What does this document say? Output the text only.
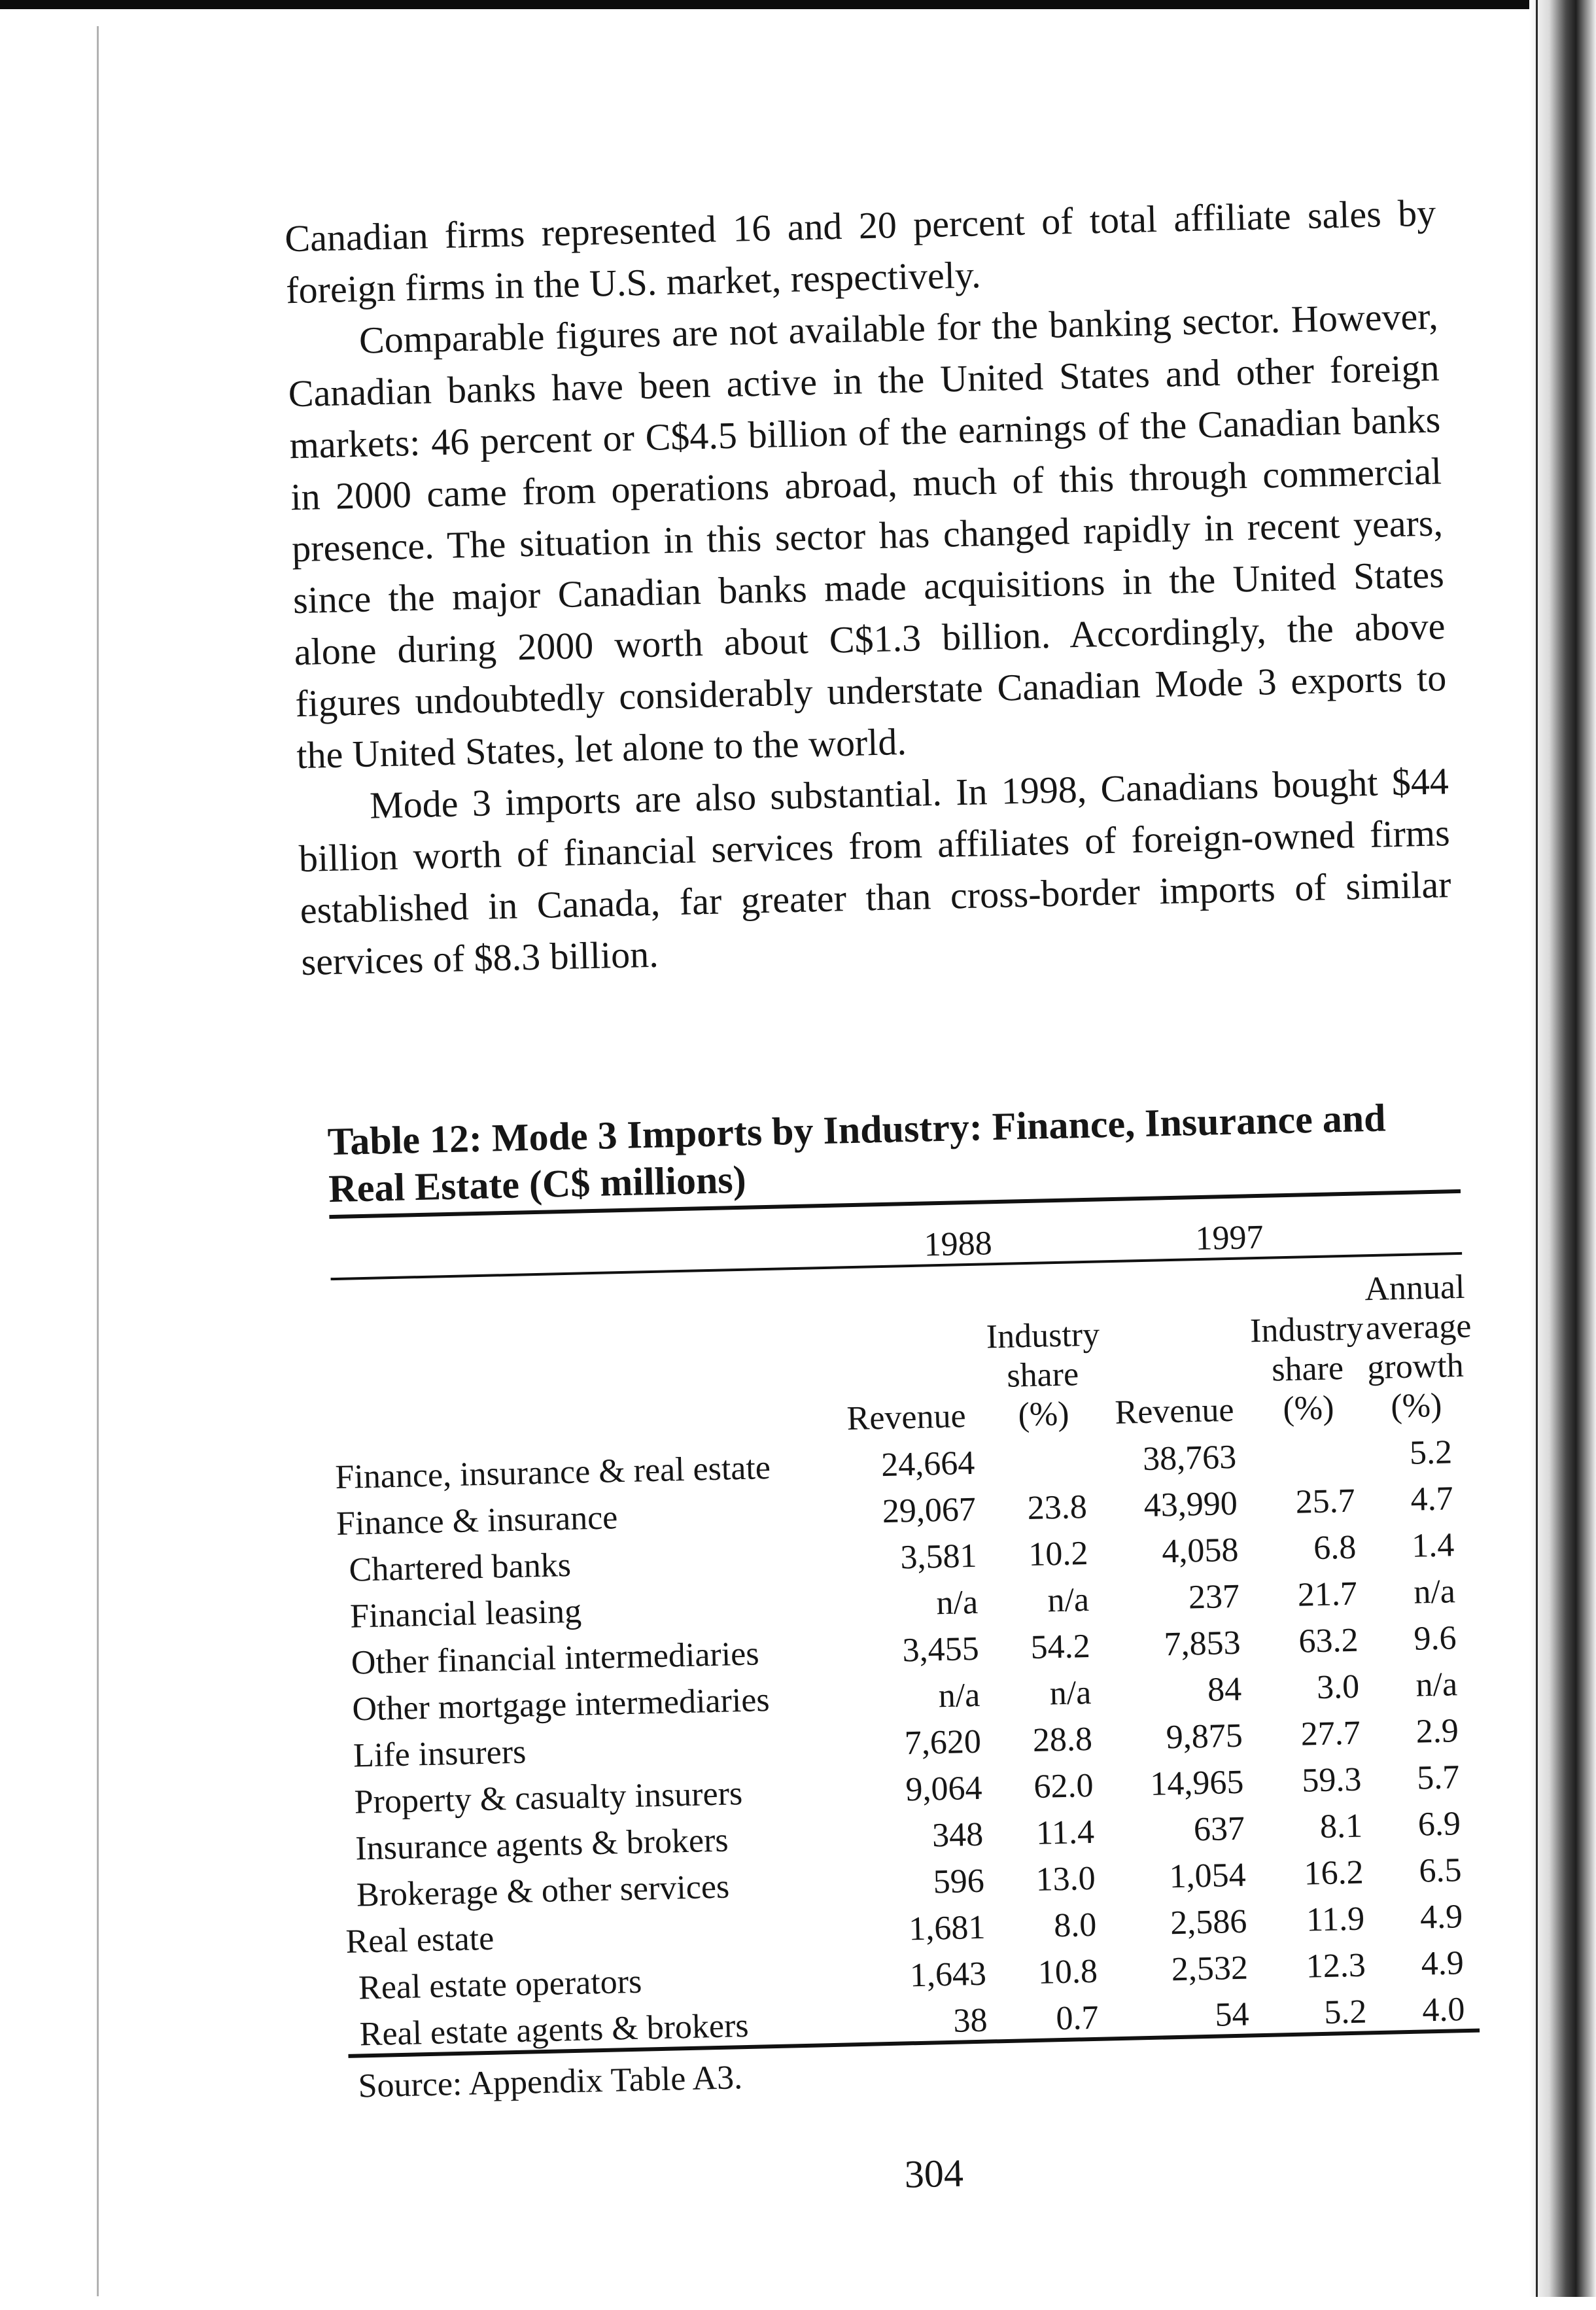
Canadian firms represented 16 and 20 percent of total affiliate sales by foreign firms in the U.S. market, respectively.

Comparable figures are not available for the banking sector. However, Canadian banks have been active in the United States and other foreign markets: 46 percent or C$4.5 billion of the earnings of the Canadian banks in 2000 came from operations abroad, much of this through commercial presence. The situation in this sector has changed rapidly in recent years, since the major Canadian banks made acquisitions in the United States alone during 2000 worth about C$1.3 billion. Accordingly, the above figures undoubtedly considerably understate Canadian Mode 3 exports to the United States, let alone to the world.

Mode 3 imports are also substantial. In 1998, Canadians bought $44 billion worth of financial services from affiliates of foreign-owned firms established in Canada, far greater than cross-border imports of similar services of $8.3 billion.

Table 12: Mode 3 Imports by Industry: Finance, Insurance and Real Estate (C$ millions)
	1988		1997		

	Revenue	Industry share (%)	Revenue	Industry share (%)	Annual average growth (%)
Finance, insurance & real estate	24,664		38,763		5.2
Finance & insurance	29,067	23.8	43,990	25.7	4.7
Chartered banks	3,581	10.2	4,058	6.8	1.4
Financial leasing	n/a	n/a	237	21.7	n/a
Other financial intermediaries	3,455	54.2	7,853	63.2	9.6
Other mortgage intermediaries	n/a	n/a	84	3.0	n/a
Life insurers	7,620	28.8	9,875	27.7	2.9
Property & casualty insurers	9,064	62.0	14,965	59.3	5.7
Insurance agents & brokers	348	11.4	637	8.1	6.9
Brokerage & other services	596	13.0	1,054	16.2	6.5
Real estate	1,681	8.0	2,586	11.9	4.9
Real estate operators	1,643	10.8	2,532	12.3	4.9
Real estate agents & brokers	38	0.7	54	5.2	4.0
Source: Appendix Table A3.
304
